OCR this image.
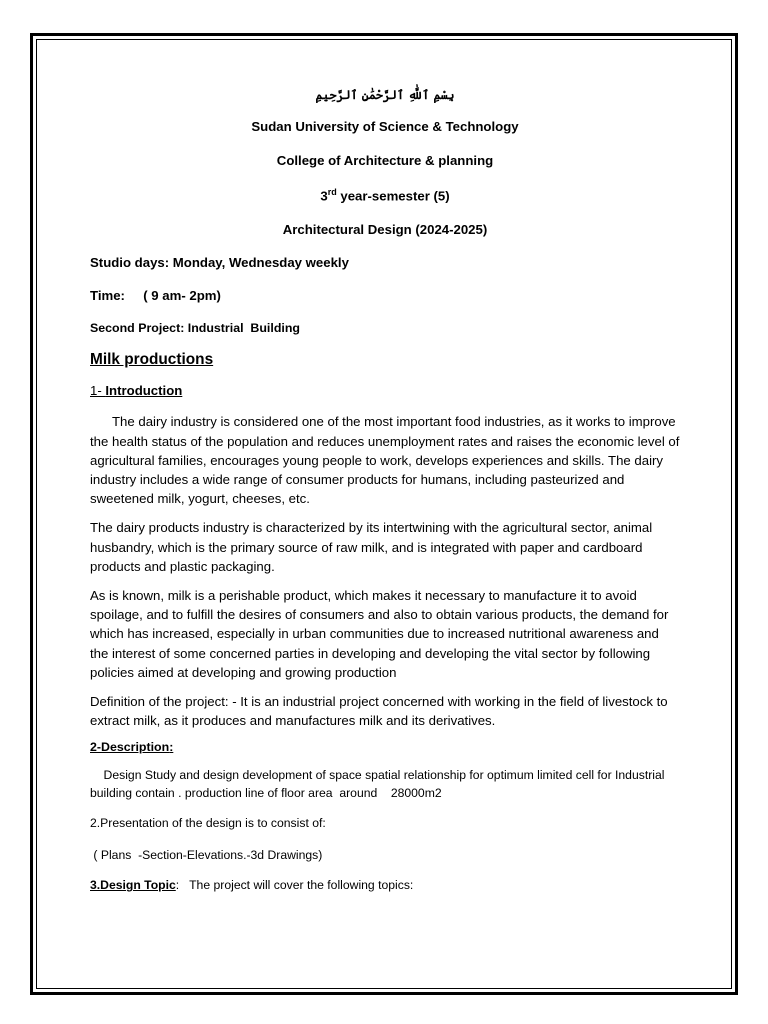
بِسْمِ ٱللَّٰهِ ٱلرَّحْمَٰنِ ٱلرَّحِيمِ
Sudan University of Science & Technology
College of Architecture & planning
3rd year-semester (5)
Architectural Design (2024-2025)
Studio days: Monday, Wednesday weekly
Time:     ( 9 am- 2pm)
Second Project: Industrial  Building
Milk productions
1- Introduction

The dairy industry is considered one of the most important food industries, as it works to improve the health status of the population and reduces unemployment rates and raises the economic level of agricultural families, encourages young people to work, develops experiences and skills. The dairy industry includes a wide range of consumer products for humans, including pasteurized and sweetened milk, yogurt, cheeses, etc.

The dairy products industry is characterized by its intertwining with the agricultural sector, animal husbandry, which is the primary source of raw milk, and is integrated with paper and cardboard products and plastic packaging.

As is known, milk is a perishable product, which makes it necessary to manufacture it to avoid spoilage, and to fulfill the desires of consumers and also to obtain various products, the demand for which has increased, especially in urban communities due to increased nutritional awareness and the interest of some concerned parties in developing and developing the vital sector by following policies aimed at developing and growing production

Definition of the project: - It is an industrial project concerned with working in the field of livestock to extract milk, as it produces and manufactures milk and its derivatives.

2-Description:

Design Study and design development of space spatial relationship for optimum limited cell for Industrial building contain . production line of floor area  around    28000m2

2.Presentation of the design is to consist of:

( Plans  -Section-Elevations.-3d Drawings)

3.Design Topic:   The project will cover the following topics:
